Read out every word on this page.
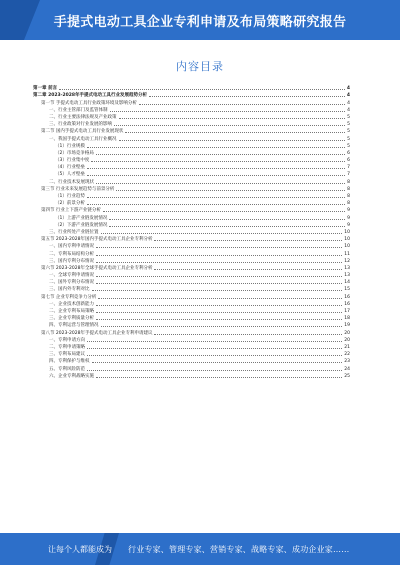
手提式电动工具企业专利申请及布局策略研究报告
内容目录
第一章 前言	4
第二章 2023-2028年手提式电动工具行业发展趋势分析	4
第一节 手提式电动工具行业政策环境及影响分析	4
一、行业主管部门及监管体制	4
二、行业主要法律法规及产业政策	5
三、行业政策对行业发展的影响	5
第二节 国内手提式电动工具行业发展现状	5
一、我国手提式电动工具行业概况	5
（1）行业规模	5
（2）市场竞争格局	6
（3）行业集中度	6
（4）行业壁垒	7
（5）人才壁垒	7
二、行业技术发展现状	8
第三节 行业未来发展趋势与前景分析	8
（1）行业趋势	8
（2）前景分析	8
第四节 行业上下游产业链分析	9
（1）上游产业链发展情况	9
（2）下游产业链发展情况	9
三、行业所处产业链位置	10
第五节 2023-2028年国内手提式电动工具企业专利分析	10
一、国内专利申请情况	10
二、专利布局结构分析	11
三、国内专利分布情况	12
第六节 2023-2028年全球手提式电动工具企业专利分析	13
一、全球专利申请情况	13
二、国外专利分布情况	14
三、国内外专利对比	15
第七节 企业专利竞争力分析	16
一、企业技术创新能力	16
二、企业专利布局策略	17
三、企业专利质量分析	18
四、专利运营与管理情况	19
第八节 2023-2028年手提式电动工具企业专利申请建议	20
一、专利申请方向	20
二、专利申请策略	21
三、专利布局建议	22
四、专利保护与维权	23
五、专利风险防范	24
六、企业专利战略实施	25
让每个人都能成为 行业专家、管理专家、营销专家、战略专家、成功企业家……
